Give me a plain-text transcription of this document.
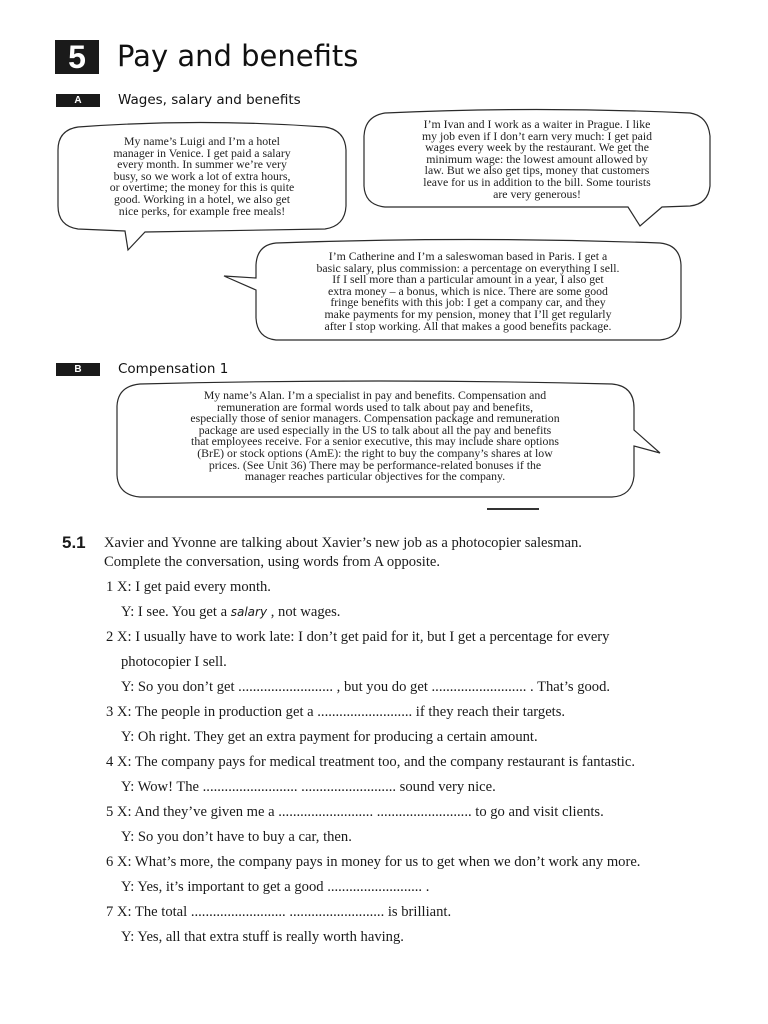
5	Pay and benefits
A	Wages, salary and benefits

My name’s Luigi and I’m a hotel

manager in Venice. I get paid a salary

every month. In summer we’re very

busy, so we work a lot of extra hours,

or overtime; the money for this is quite

good. Working in a hotel, we also get

nice perks, for example free meals!

I’m Ivan and I work as a waiter in Prague. I like

my job even if I don’t earn very much: I get paid

wages every week by the restaurant. We get the

minimum wage: the lowest amount allowed by

law. But we also get tips, money that customers

leave for us in addition to the bill. Some tourists

are very generous!

I’m Catherine and I’m a saleswoman based in Paris. I get a

basic salary, plus commission: a percentage on everything I sell.

If I sell more than a particular amount in a year, I also get

extra money – a bonus, which is nice. There are some good

fringe benefits with this job: I get a company car, and they

make payments for my pension, money that I’ll get regularly

after I stop working. All that makes a good benefits package.

B	Compensation 1

My name’s Alan. I’m a specialist in pay and benefits. Compensation and

remuneration are formal words used to talk about pay and benefits,

especially those of senior managers. Compensation package and remuneration

package are used especially in the US to talk about all the pay and benefits

that employees receive. For a senior executive, this may include share options

(BrE) or stock options (AmE): the right to buy the company’s shares at low

prices. (See Unit 36) There may be performance-related bonuses if the

manager reaches particular objectives for the company.

5.1 Xavier and Yvonne are talking about Xavier’s new job as a photocopier salesman.
Complete the conversation, using words from A opposite.
1 X: I get paid every month.
Y: I see. You get a salary , not wages.
2 X: I usually have to work late: I don’t get paid for it, but I get a percentage for every
photocopier I sell.
Y: So you don’t get .......................... , but you do get .......................... . That’s good.
3 X: The people in production get a .......................... if they reach their targets.
Y: Oh right. They get an extra payment for producing a certain amount.
4 X: The company pays for medical treatment too, and the company restaurant is fantastic.
Y: Wow! The .......................... .......................... sound very nice.
5 X: And they’ve given me a .......................... .......................... to go and visit clients.
Y: So you don’t have to buy a car, then.
6 X: What’s more, the company pays in money for us to get when we don’t work any more.
Y: Yes, it’s important to get a good .......................... .
7 X: The total .......................... .......................... is brilliant.
Y: Yes, all that extra stuff is really worth having.
